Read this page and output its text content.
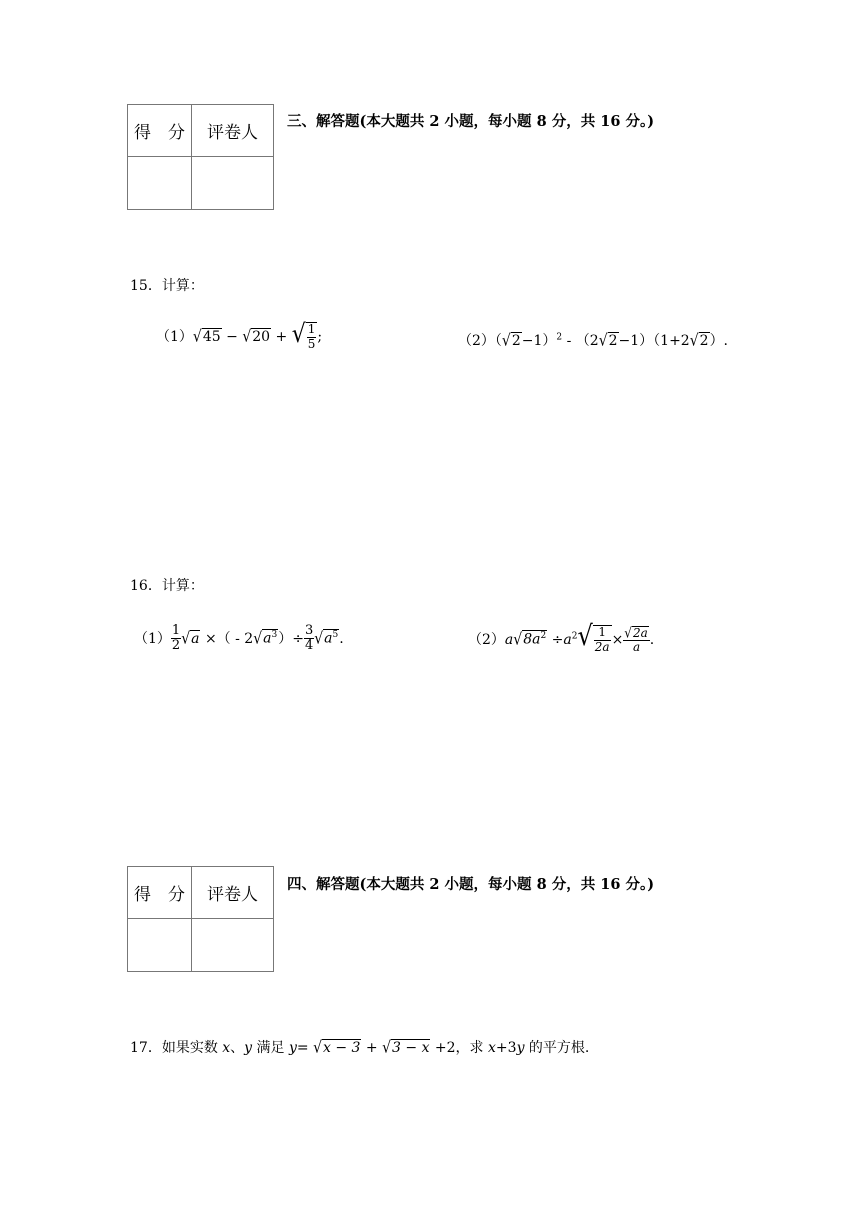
得　分	评卷人

三、解答题(本大题共 2 小题，每小题 8 分，共 16 分。)
15．计算：
（1）√45 − √20 + √ $\frac{1}{5}$ ;	$(2)(√2-1)^2 - (2√2-1)(1+2√2)$.
16．计算：
$(1) \frac{1}{2} √a$ ×（ - $2√a^3)\div \frac{3}{4} √a^5$.	$(2)a√8a^2 \div a^2√ \frac{1}{2a} \times \frac{√2a}{a}$ .
得　分	评卷人

四、解答题(本大题共 2 小题，每小题 8 分，共 16 分。)
17．如果实数 x、y 满足 y= √x − 3 + √3 − x +2，求 x+3y 的平方根.
